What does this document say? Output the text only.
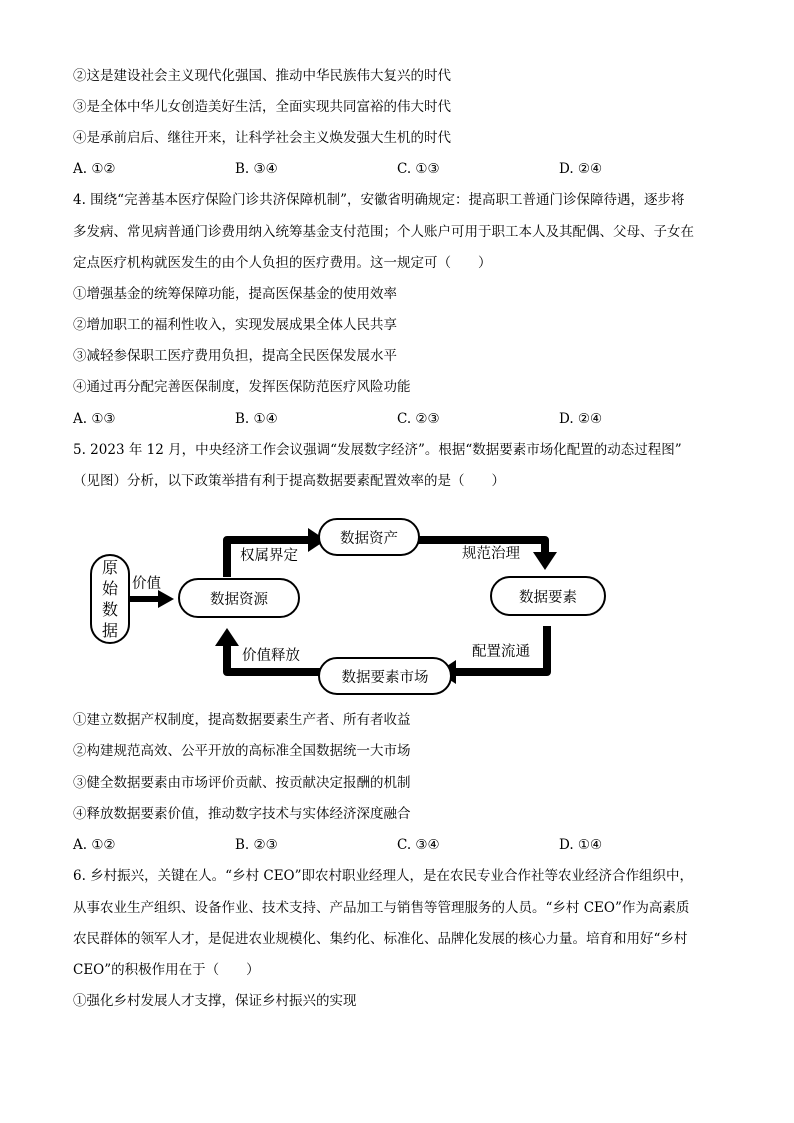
②这是建设社会主义现代化强国、推动中华民族伟大复兴的时代
③是全体中华儿女创造美好生活，全面实现共同富裕的伟大时代
④是承前启后、继往开来，让科学社会主义焕发强大生机的时代
A. ①②	B. ③④	C. ①③	D. ②④
4. 围绕“完善基本医疗保险门诊共济保障机制”，安徽省明确规定：提高职工普通门诊保障待遇，逐步将
多发病、常见病普通门诊费用纳入统筹基金支付范围；个人账户可用于职工本人及其配偶、父母、子女在
定点医疗机构就医发生的由个人负担的医疗费用。这一规定可（　　）
①增强基金的统筹保障功能，提高医保基金的使用效率
②增加职工的福利性收入，实现发展成果全体人民共享
③减轻参保职工医疗费用负担，提高全民医保发展水平
④通过再分配完善医保制度，发挥医保防范医疗风险功能
A. ①③	B. ①④	C. ②③	D. ②④
5. 2023 年 12 月，中央经济工作会议强调“发展数字经济”。根据“数据要素市场化配置的动态过程图”
（见图）分析，以下政策举措有利于提高数据要素配置效率的是（　　）
原
始
数
据
价值
数据资源
数据资产
数据要素
数据要素市场
权属界定	规范治理
配置流通
价值释放
①建立数据产权制度，提高数据要素生产者、所有者收益
②构建规范高效、公平开放的高标准全国数据统一大市场
③健全数据要素由市场评价贡献、按贡献决定报酬的机制
④释放数据要素价值，推动数字技术与实体经济深度融合
A. ①②	B. ②③	C. ③④	D. ①④
6. 乡村振兴，关键在人。“乡村 CEO”即农村职业经理人，是在农民专业合作社等农业经济合作组织中，
从事农业生产组织、设备作业、技术支持、产品加工与销售等管理服务的人员。“乡村 CEO”作为高素质
农民群体的领军人才，是促进农业规模化、集约化、标准化、品牌化发展的核心力量。培育和用好“乡村
CEO”的积极作用在于（　　）
①强化乡村发展人才支撑，保证乡村振兴的实现
